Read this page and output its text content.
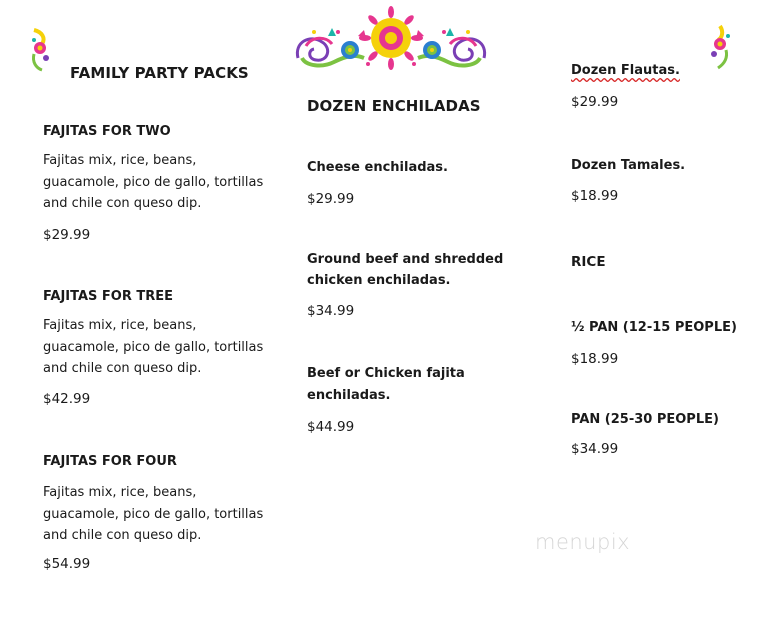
FAMILY PARTY PACKS
FAJITAS FOR TWO
Fajitas mix, rice, beans,
guacamole, pico de gallo, tortillas
and chile con queso dip.
$29.99
FAJITAS FOR TREE
Fajitas mix, rice, beans,
guacamole, pico de gallo, tortillas
and chile con queso dip.
$42.99
FAJITAS FOR FOUR
Fajitas mix, rice, beans,
guacamole, pico de gallo, tortillas
and chile con queso dip.
$54.99
DOZEN ENCHILADAS
Cheese enchiladas.
$29.99
Ground beef and shredded
chicken enchiladas.
$34.99
Beef or Chicken fajita
enchiladas.
$44.99
Dozen Flautas.
$29.99
Dozen Tamales.
$18.99
RICE
½ PAN (12-15 PEOPLE)
$18.99
PAN (25-30 PEOPLE)
$34.99
menupix
